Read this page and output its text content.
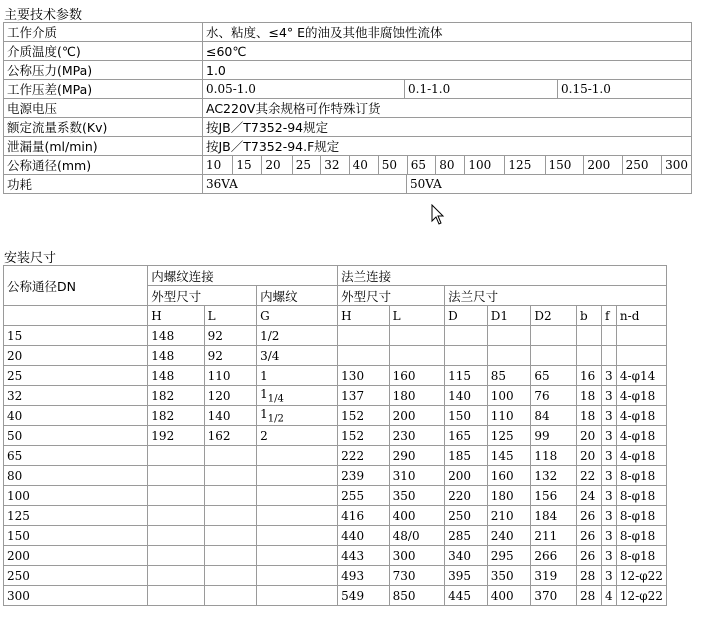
主要技术参数
工作介质	水、粘度、≤4° E的油及其他非腐蚀性流体
介质温度(℃)	≤60℃
公称压力(MPa)	1.0
工作压差(MPa)		0.05-1.0	0.1-1.0	0.15-1.0

电源电压	AC220V其余规格可作特殊订货
额定流量系数(Kv)	按JB／T7352-94规定
泄漏量(ml/min)	按JB／T7352-94.F规定
公称通径(mm)		10	15	20	25	32	40	50	65	80	100	125	150	200	250	300

功耗		36VA	50VA
安装尺寸
公称通径DN	内螺纹连接			法兰连接							
	外型尺寸		内螺纹	外型尺寸		法兰尺寸					
	H	L	G	H	L	D	D1	D2	b	f	n-d
15	148	92	1/2								
20	148	92	3/4								
25	148	110	1	130	160	115	85	65	16	3	4-φ14
32	182	120	$1_{1/4}$	137	180	140	100	76	18	3	4-φ18
40	182	140	$1_{1/2}$	152	200	150	110	84	18	3	4-φ18
50	192	162	2	152	230	165	125	99	20	3	4-φ18
65				222	290	185	145	118	20	3	4-φ18
80				239	310	200	160	132	22	3	8-φ18
100				255	350	220	180	156	24	3	8-φ18
125				416	400	250	210	184	26	3	8-φ18
150				440	48/0	285	240	211	26	3	8-φ18
200				443	300	340	295	266	26	3	8-φ18
250				493	730	395	350	319	28	3	12-φ22
300				549	850	445	400	370	28	4	12-φ22
